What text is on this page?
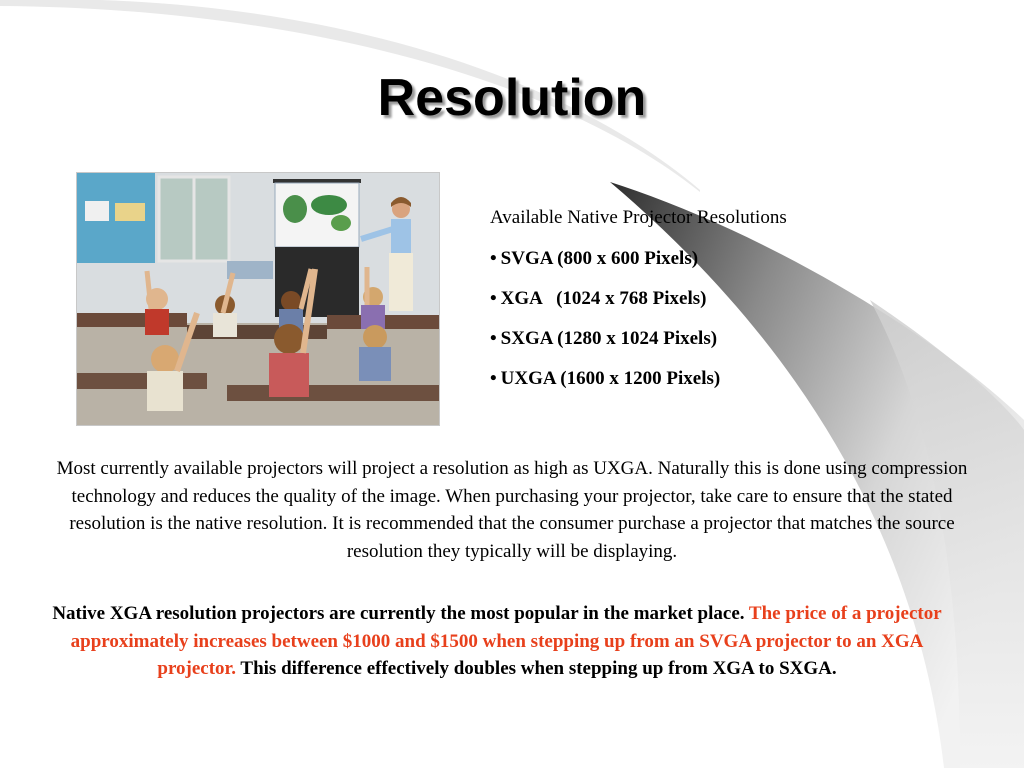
Resolution

Available Native Projector Resolutions

• SVGA (800 x 600 Pixels)

• XGA   (1024 x 768 Pixels)

• SXGA (1280 x 1024 Pixels)

• UXGA (1600 x 1200 Pixels)

Most currently available projectors will project a resolution as high as UXGA. Naturally this is done using compression technology and reduces the quality of the image. When purchasing your projector, take care to ensure that the stated resolution is the native resolution. It is recommended that the consumer purchase a projector that matches the source resolution they typically will be displaying.

Native XGA resolution projectors are currently the most popular in the market place. The price of a projector approximately increases between $1000 and $1500 when stepping up from an SVGA projector to an XGA projector. This difference effectively doubles when stepping up from XGA to SXGA.
